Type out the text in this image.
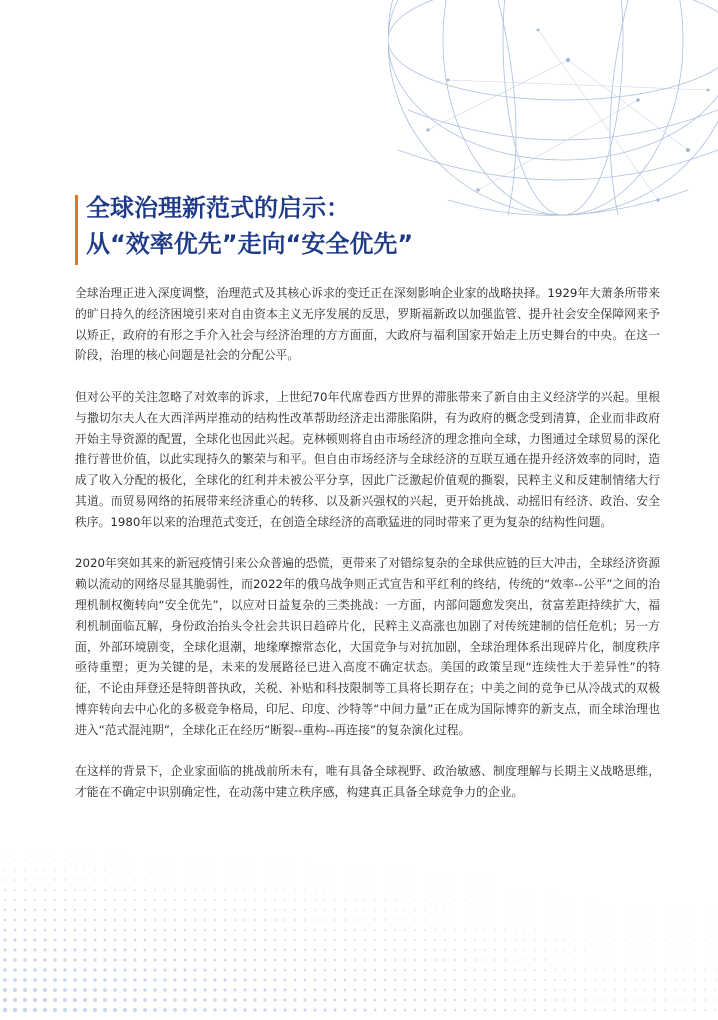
全球治理新范式的启示：
从“效率优先”走向“安全优先”

全球治理正进入深度调整，治理范式及其核心诉求的变迁正在深刻影响企业家的战略抉择。1929年大萧条所带来的旷日持久的经济困境引来对自由资本主义无序发展的反思，罗斯福新政以加强监管、提升社会安全保障网来予以矫正，政府的有形之手介入社会与经济治理的方方面面，大政府与福利国家开始走上历史舞台的中央。在这一阶段，治理的核心问题是社会的分配公平。

但对公平的关注忽略了对效率的诉求，上世纪70年代席卷西方世界的滞胀带来了新自由主义经济学的兴起。里根与撒切尔夫人在大西洋两岸推动的结构性改革帮助经济走出滞胀陷阱，有为政府的概念受到清算，企业而非政府开始主导资源的配置，全球化也因此兴起。克林顿则将自由市场经济的理念推向全球，力图通过全球贸易的深化推行普世价值，以此实现持久的繁荣与和平。但自由市场经济与全球经济的互联互通在提升经济效率的同时，造成了收入分配的极化，全球化的红利并未被公平分享，因此广泛激起价值观的撕裂，民粹主义和反建制情绪大行其道。而贸易网络的拓展带来经济重心的转移、以及新兴强权的兴起，更开始挑战、动摇旧有经济、政治、安全秩序。1980年以来的治理范式变迁，在创造全球经济的高歌猛进的同时带来了更为复杂的结构性问题。

2020年突如其来的新冠疫情引来公众普遍的恐慌，更带来了对错综复杂的全球供应链的巨大冲击，全球经济资源赖以流动的网络尽显其脆弱性，而2022年的俄乌战争则正式宣告和平红利的终结，传统的“效率--公平”之间的治理机制权衡转向“安全优先”，以应对日益复杂的三类挑战：一方面，内部问题愈发突出，贫富差距持续扩大，福利机制面临瓦解，身份政治抬头令社会共识日趋碎片化，民粹主义高涨也加剧了对传统建制的信任危机；另一方面，外部环境剧变，全球化退潮，地缘摩擦常态化，大国竞争与对抗加剧，全球治理体系出现碎片化，制度秩序亟待重塑；更为关键的是，未来的发展路径已进入高度不确定状态。美国的政策呈现“连续性大于差异性”的特征，不论由拜登还是特朗普执政，关税、补贴和科技限制等工具将长期存在；中美之间的竞争已从冷战式的双极博弈转向去中心化的多极竞争格局，印尼、印度、沙特等“中间力量”正在成为国际博弈的新支点，而全球治理也进入“范式混沌期”，全球化正在经历“断裂--重构--再连接”的复杂演化过程。

在这样的背景下，企业家面临的挑战前所未有，唯有具备全球视野、政治敏感、制度理解与长期主义战略思维，才能在不确定中识别确定性，在动荡中建立秩序感，构建真正具备全球竞争力的企业。
